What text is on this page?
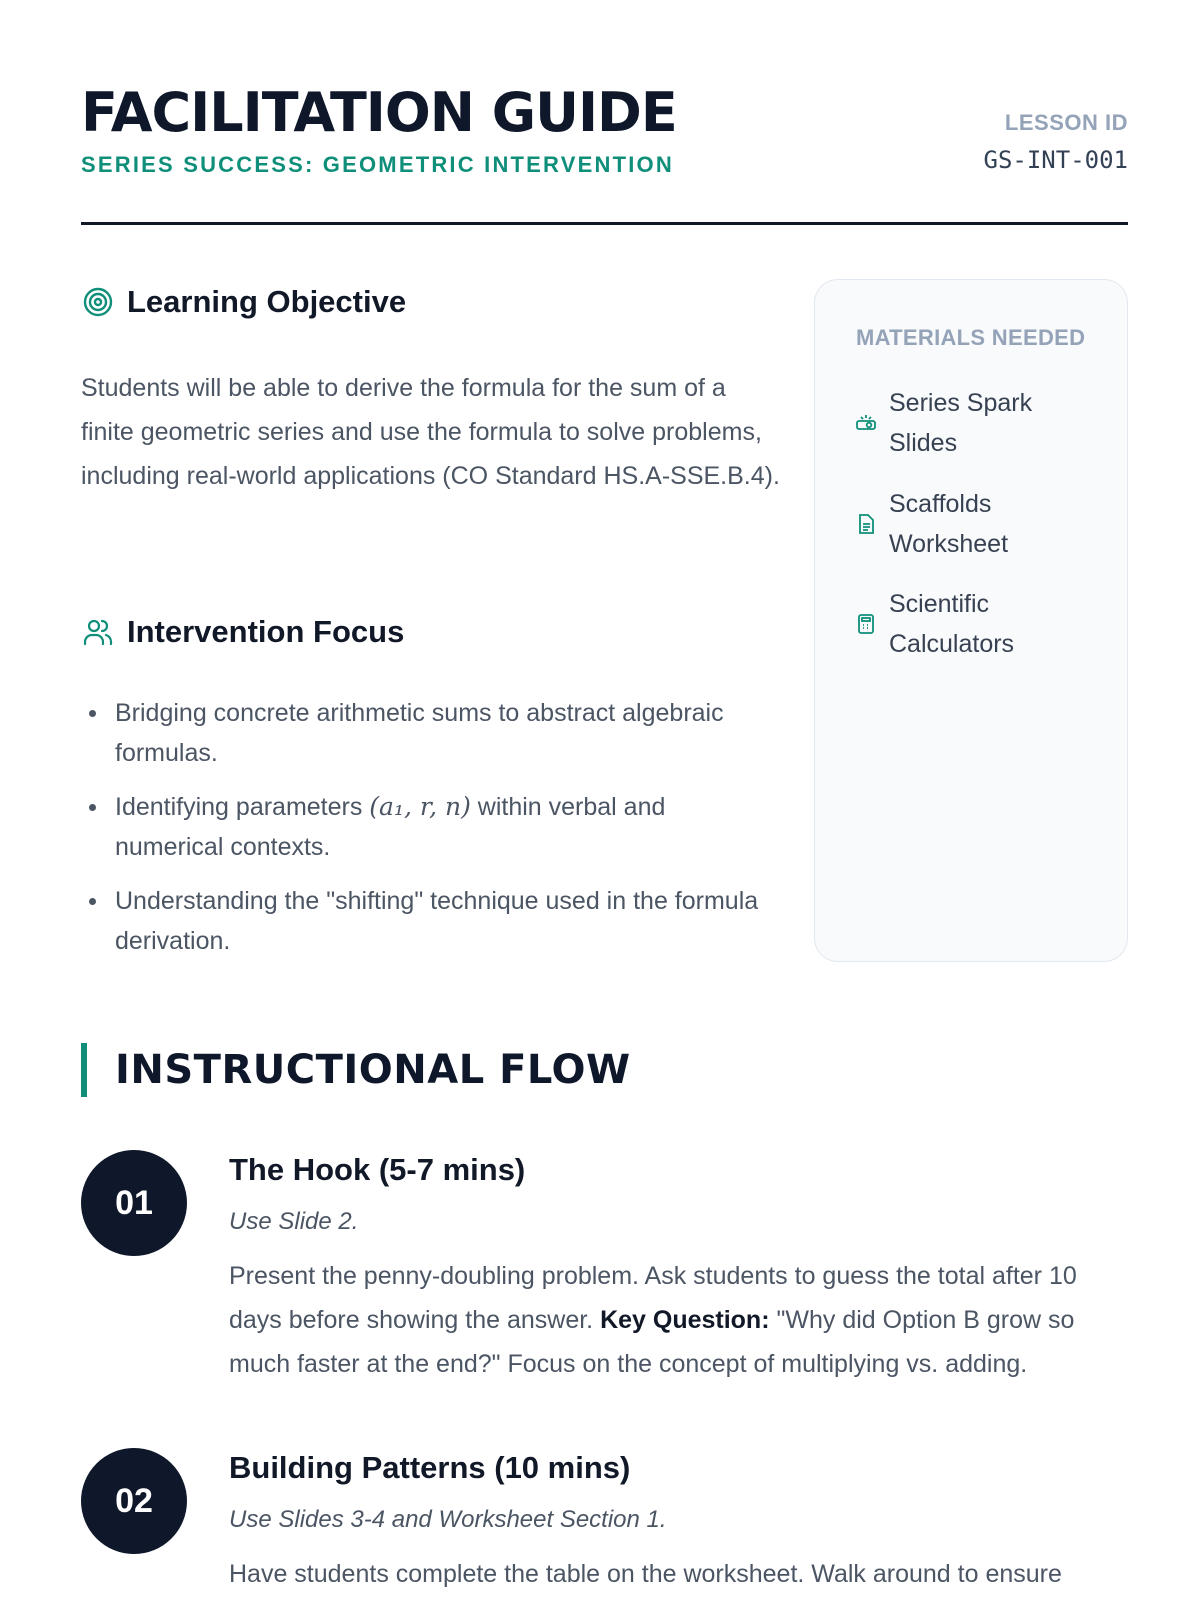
FACILITATION GUIDE
SERIES SUCCESS: GEOMETRIC INTERVENTION
LESSON ID
GS-INT-001
Learning Objective

Students will be able to derive the formula for the sum of a finite geometric series and use the formula to solve problems, including real-world applications (CO Standard HS.A-SSE.B.4).

Intervention Focus
Bridging concrete arithmetic sums to abstract algebraic formulas.
Identifying parameters (a₁, r, n) within verbal and numerical contexts.
Understanding the "shifting" technique used in the formula derivation.
MATERIALS NEEDED
Series Spark Slides
Scaffolds Worksheet
Scientific Calculators
INSTRUCTIONAL FLOW
01
The Hook (5-7 mins)
Use Slide 2.

Present the penny-doubling problem. Ask students to guess the total after 10 days before showing the answer. Key Question: "Why did Option B grow so much faster at the end?" Focus on the concept of multiplying vs. adding.

02
Building Patterns (10 mins)
Use Slides 3-4 and Worksheet Section 1.

Have students complete the table on the worksheet. Walk around to ensure
